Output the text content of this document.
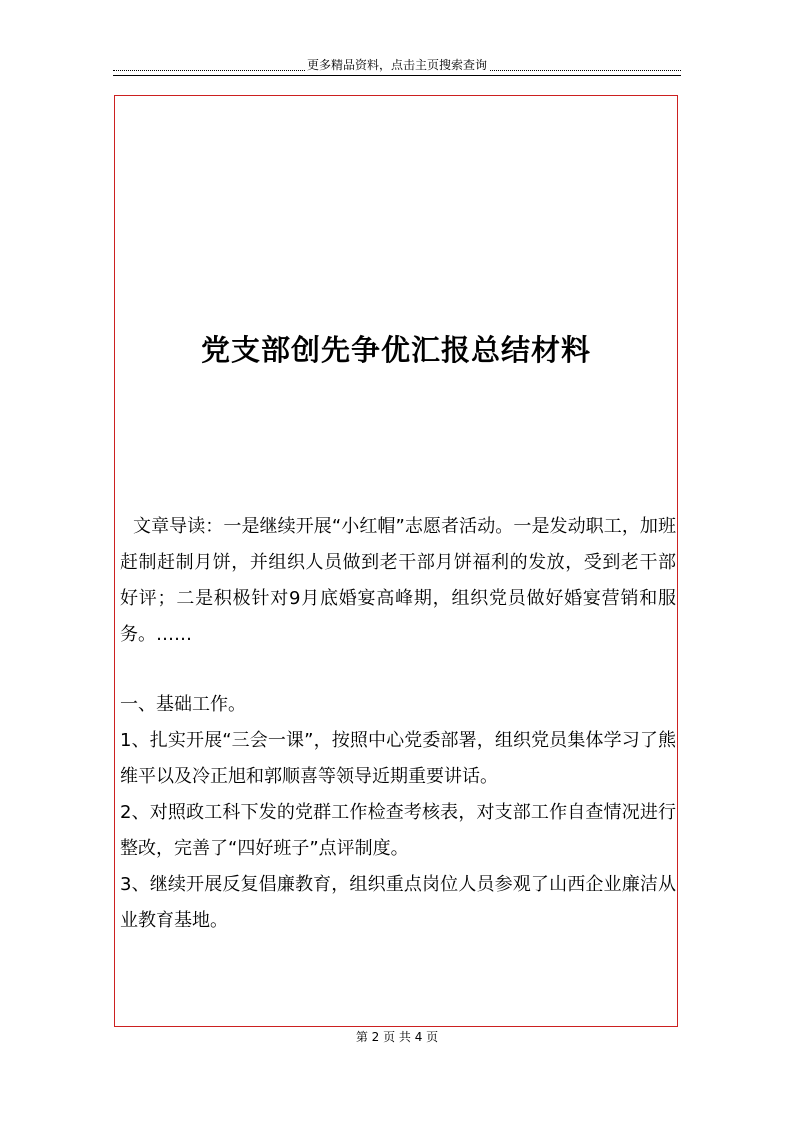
更多精品资料，点击主页搜索查询
党支部创先争优汇报总结材料

文章导读：一是继续开展“小红帽”志愿者活动。一是发动职工，加班赶制赶制月饼，并组织人员做到老干部月饼福利的发放，受到老干部好评；二是积极针对9月底婚宴高峰期，组织党员做好婚宴营销和服务。……

一、基础工作。

1、扎实开展“三会一课”，按照中心党委部署，组织党员集体学习了熊维平以及冷正旭和郭顺喜等领导近期重要讲话。

2、对照政工科下发的党群工作检查考核表，对支部工作自查情况进行整改，完善了“四好班子”点评制度。

3、继续开展反复倡廉教育，组织重点岗位人员参观了山西企业廉洁从业教育基地。

第 2 页 共 4 页
